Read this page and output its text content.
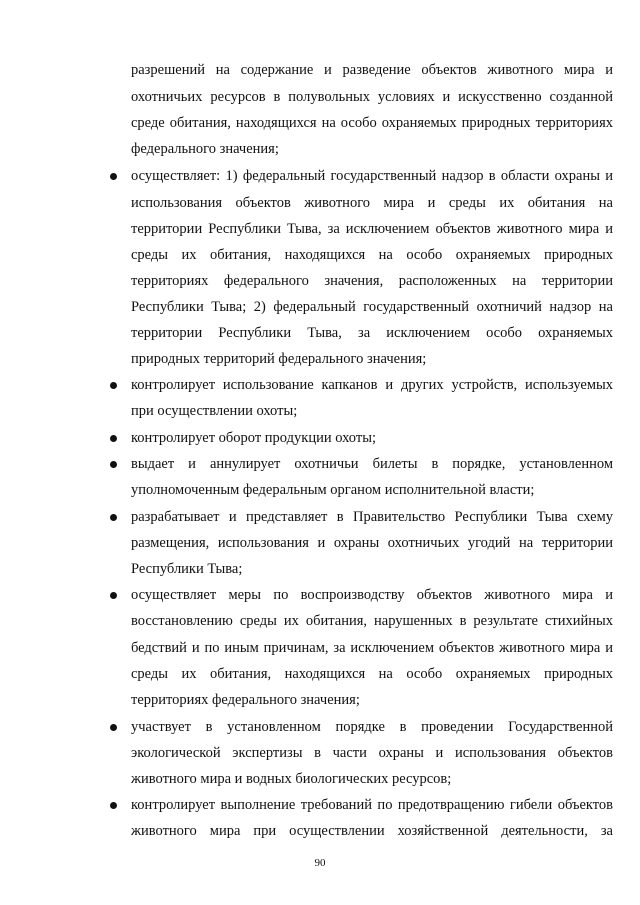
разрешений на содержание и разведение объектов животного мира и
охотничьих ресурсов в полувольных условиях и искусственно созданной
среде обитания, находящихся на особо охраняемых природных территориях
федерального значения;
осуществляет: 1) федеральный государственный надзор в области охраны и
использования объектов животного мира и среды их обитания на
территории Республики Тыва, за исключением объектов животного мира и
среды их обитания, находящихся на особо охраняемых природных
территориях федерального значения, расположенных на территории
Республики Тыва; 2) федеральный государственный охотничий надзор на
территории Республики Тыва, за исключением особо охраняемых
природных территорий федерального значения;
контролирует использование капканов и других устройств, используемых
при осуществлении охоты;
контролирует оборот продукции охоты;
выдает и аннулирует охотничьи билеты в порядке, установленном
уполномоченным федеральным органом исполнительной власти;
разрабатывает и представляет в Правительство Республики Тыва схему
размещения, использования и охраны охотничьих угодий на территории
Республики Тыва;
осуществляет меры по воспроизводству объектов животного мира и
восстановлению среды их обитания, нарушенных в результате стихийных
бедствий и по иным причинам, за исключением объектов животного мира и
среды их обитания, находящихся на особо охраняемых природных
территориях федерального значения;
участвует в установленном порядке в проведении Государственной
экологической экспертизы в части охраны и использования объектов
животного мира и водных биологических ресурсов;
контролирует выполнение требований по предотвращению гибели объектов
животного мира при осуществлении хозяйственной деятельности, за
90
